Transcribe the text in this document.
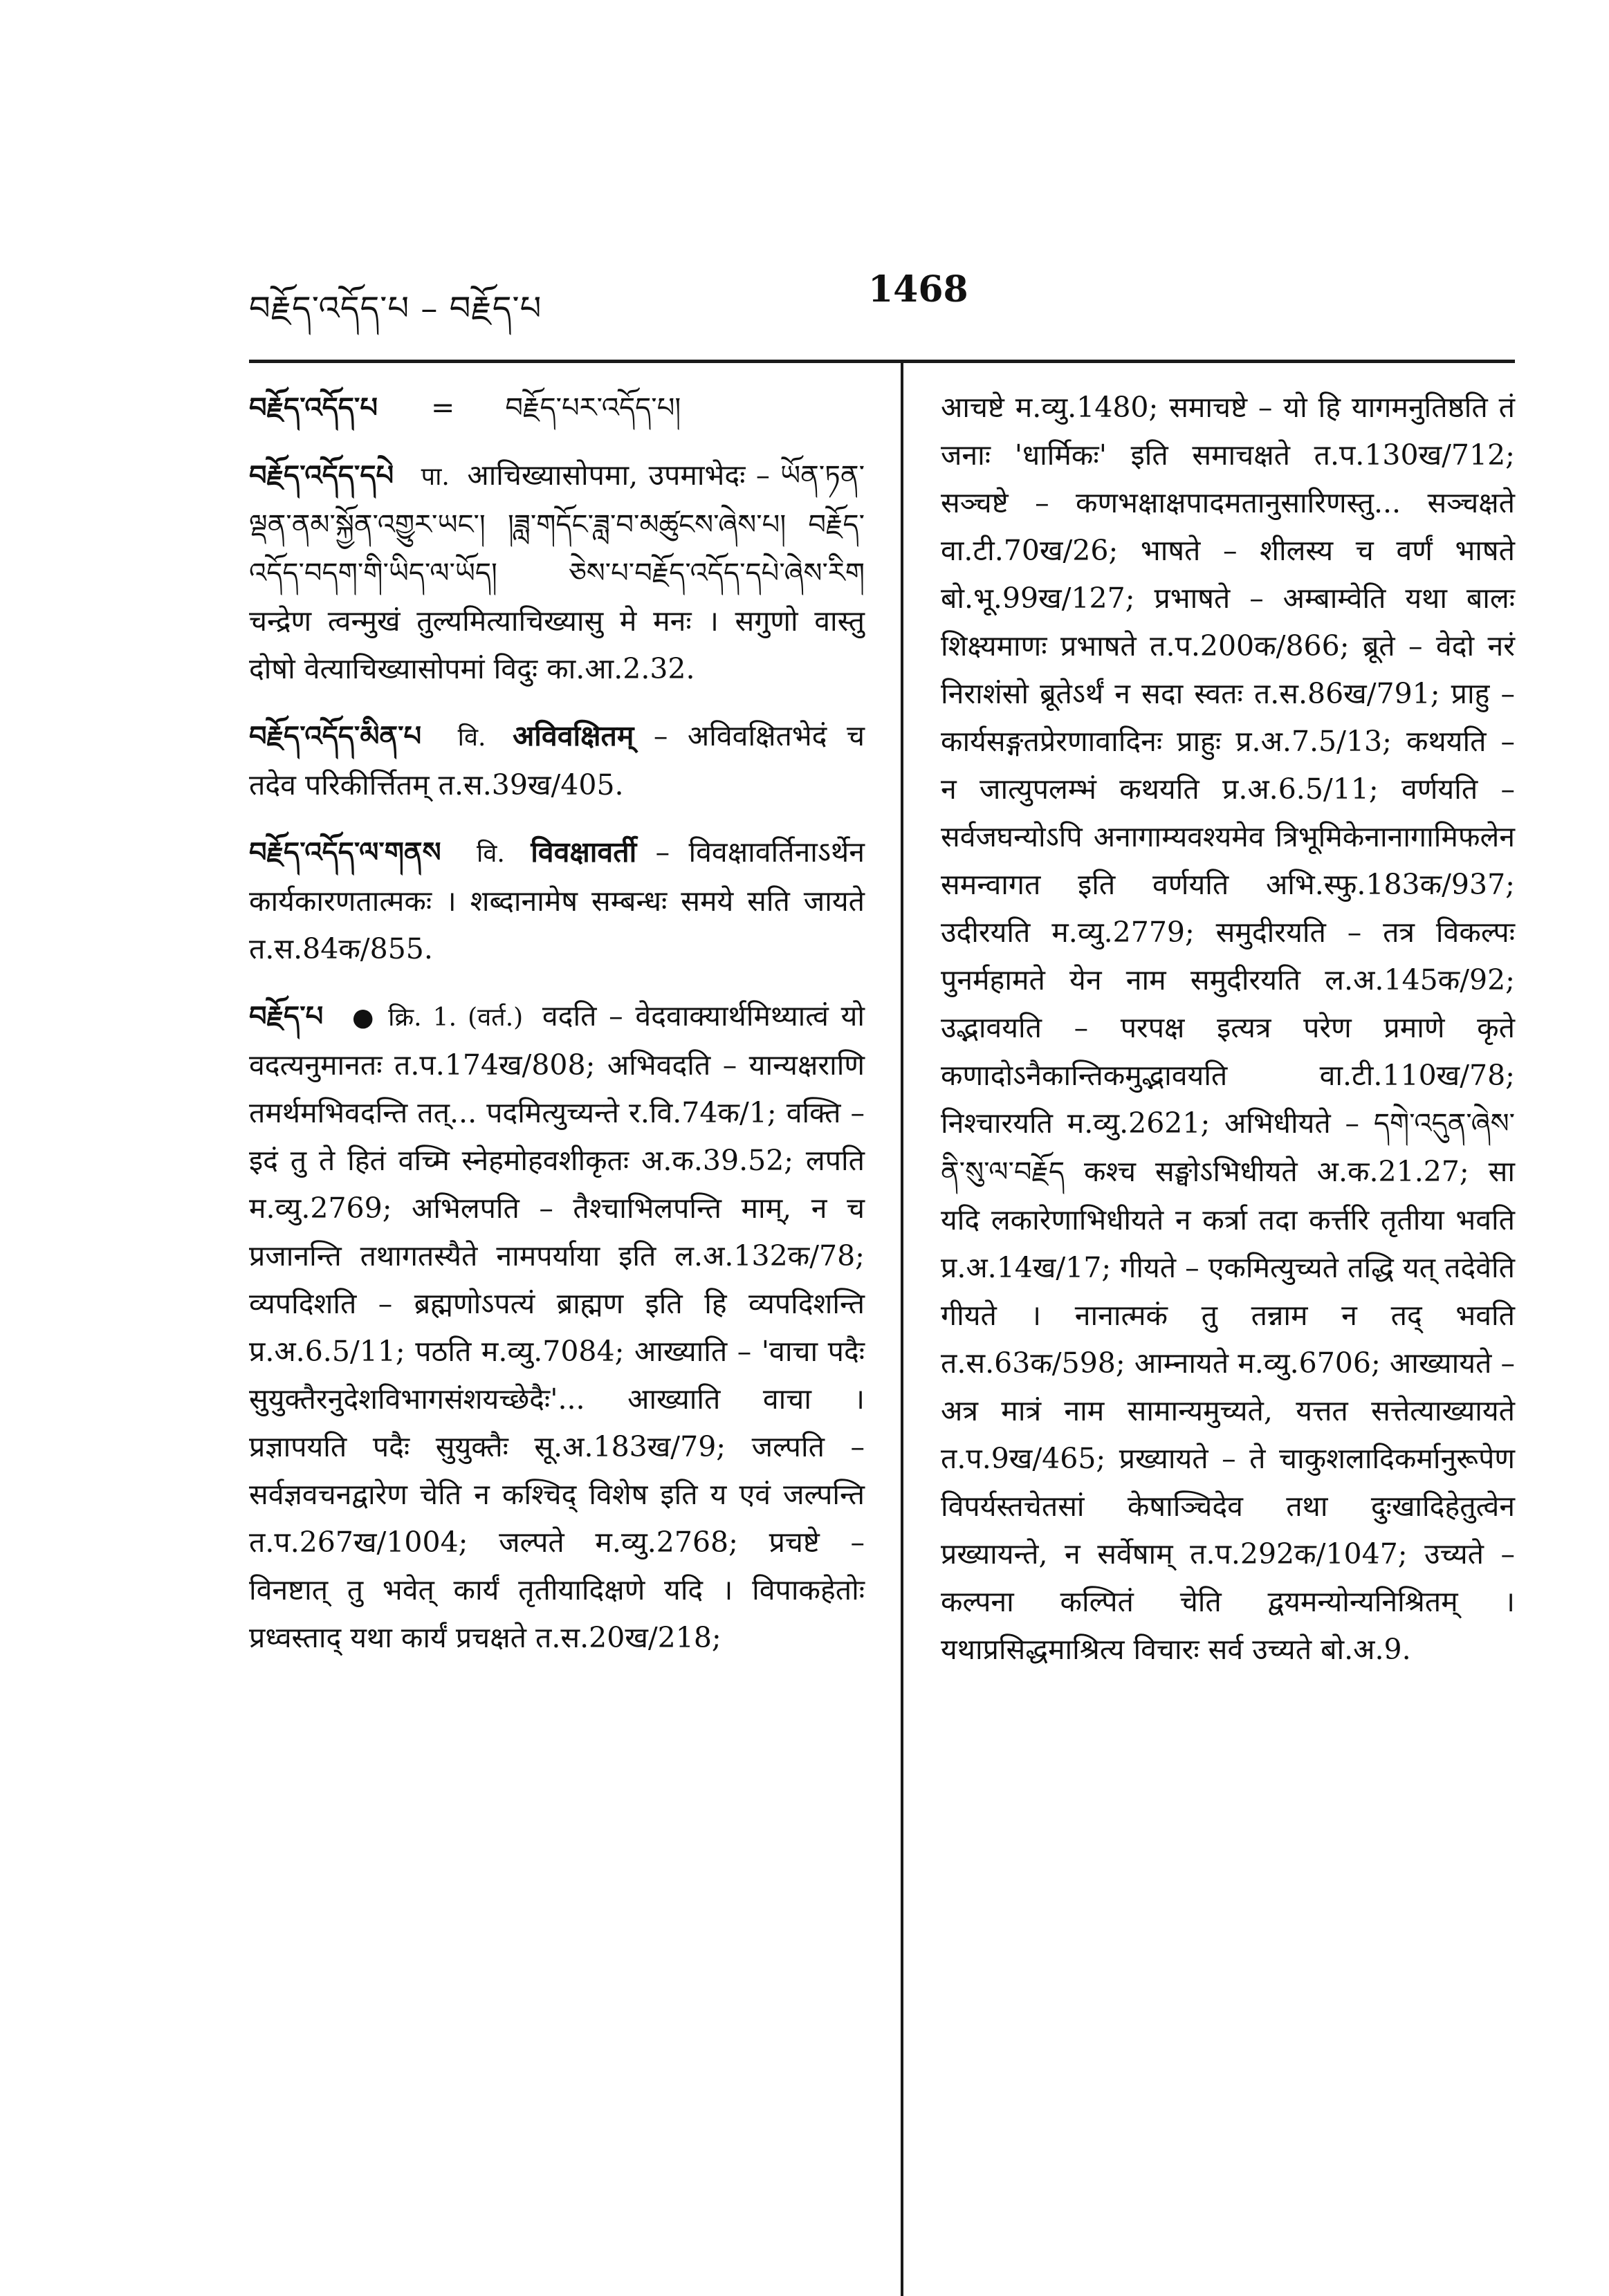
བརྗོད་འདོད་པ – བརྗོད་པ	1468

བརྗོད་འདོད་པ = བརྗོད་པར་འདོད་པ།

བརྗོད་འདོད་དཔེ पा. आचिख्यासोपमा, उपमाभेदः – ཡོན་ཏན་ལྡན་ནམ་སྐྱོན་འགྱུར་ཡང་། །ཟླ་གདོང་ཟླ་བ་མཚུངས་ཞེས་པ། བརྗོད་འདོད་བདག་གི་ཡིད་ལ་ཡོད། ཅེས་པ་བརྗོད་འདོད་དཔེ་ཞེས་རིག चन्द्रेण त्वन्मुखं तुल्यमित्याचिख्यासु मे मनः । सगुणो वास्तु दोषो वेत्याचिख्यासोपमां विदुः का.आ.2.32.

བརྗོད་འདོད་མིན་པ वि. अविवक्षितम् – अविवक्षितभेदं च तदेव परिकीर्त्तितम् त.स.39ख/405.

བརྗོད་འདོད་ལ་གནས वि. विवक्षावर्ती – विवक्षावर्तिनाऽर्थेन कार्यकारणतात्मकः । शब्दानामेष सम्बन्धः समये सति जायते त.स.84क/855.

བརྗོད་པ ● क्रि. 1. (वर्त.) वदति – वेदवाक्यार्थमिथ्यात्वं यो वदत्यनुमानतः त.प.174ख/808; अभिवदति – यान्यक्षराणि तमर्थमभिवदन्ति तत्... पदमित्युच्यन्ते र.वि.74क/1; वक्ति – इदं तु ते हितं वच्मि स्नेहमोहवशीकृतः अ.क.39.52; लपति म.व्यु.2769; अभिलपति – तैश्चाभिलपन्ति माम्, न च प्रजानन्ति तथागतस्यैते नामपर्याया इति ल.अ.132क/78; व्यपदिशति – ब्रह्मणोऽपत्यं ब्राह्मण इति हि व्यपदिशन्ति प्र.अ.6.5/11; पठति म.व्यु.7084; आख्याति – 'वाचा पदैः सुयुक्तैरनुदेशविभागसंशयच्छेदैः'... आख्याति वाचा । प्रज्ञापयति पदैः सुयुक्तैः सू.अ.183ख/79; जल्पति – सर्वज्ञवचनद्वारेण चेति न कश्चिद् विशेष इति य एवं जल्पन्ति त.प.267ख/1004; जल्पते म.व्यु.2768; प्रचष्टे – विनष्टात् तु भवेत् कार्यं तृतीयादिक्षणे यदि । विपाकहेतोः प्रध्वस्ताद् यथा कार्यं प्रचक्षते त.स.20ख/218;

आचष्टे म.व्यु.1480; समाचष्टे – यो हि यागमनुतिष्ठति तं जनाः 'धार्मिकः' इति समाचक्षते त.प.130ख/712; सञ्चष्टे – कणभक्षाक्षपादमतानुसारिणस्तु... सञ्चक्षते वा.टी.70ख/26; भाषते – शीलस्य च वर्णं भाषते बो.भू.99ख/127; प्रभाषते – अम्बाम्वेति यथा बालः शिक्ष्यमाणः प्रभाषते त.प.200क/866; ब्रूते – वेदो नरं निराशंसो ब्रूतेऽर्थं न सदा स्वतः त.स.86ख/791; प्राहु – कार्यसङ्गतप्रेरणावादिनः प्राहुः प्र.अ.7.5/13; कथयति – न जात्युपलम्भं कथयति प्र.अ.6.5/11; वर्णयति – सर्वजघन्योऽपि अनागाम्यवश्यमेव त्रिभूमिकेनानागामिफलेन समन्वागत इति वर्णयति अभि.स्फु.183क/937; उदीरयति म.व्यु.2779; समुदीरयति – तत्र विकल्पः पुनर्महामते येन नाम समुदीरयति ल.अ.145क/92; उद्भावयति – परपक्ष इत्यत्र परेण प्रमाणे कृते कणादोऽनैकान्तिकमुद्भावयति वा.टी.110ख/78; निश्चारयति म.व्यु.2621; अभिधीयते – དགེ་འདུན་ཞེས་ནི་སུ་ལ་བརྗོད कश्च सङ्घोऽभिधीयते अ.क.21.27; सा यदि लकारेणाभिधीयते न कर्त्रा तदा कर्त्तरि तृतीया भवति प्र.अ.14ख/17; गीयते – एकमित्युच्यते तद्धि यत् तदेवेति गीयते । नानात्मकं तु तन्नाम न तद् भवति त.स.63क/598; आम्नायते म.व्यु.6706; आख्यायते – अत्र मात्रं नाम सामान्यमुच्यते, यत्तत सत्तेत्याख्यायते त.प.9ख/465; प्रख्यायते – ते चाकुशलादिकर्मानुरूपेण विपर्यस्तचेतसां केषाञ्चिदेव तथा दुःखादिहेतुत्वेन प्रख्यायन्ते, न सर्वेषाम् त.प.292क/1047; उच्यते – कल्पना कल्पितं चेति द्वयमन्योन्यनिश्रितम् । यथाप्रसिद्धमाश्रित्य विचारः सर्व उच्यते बो.अ.9.
